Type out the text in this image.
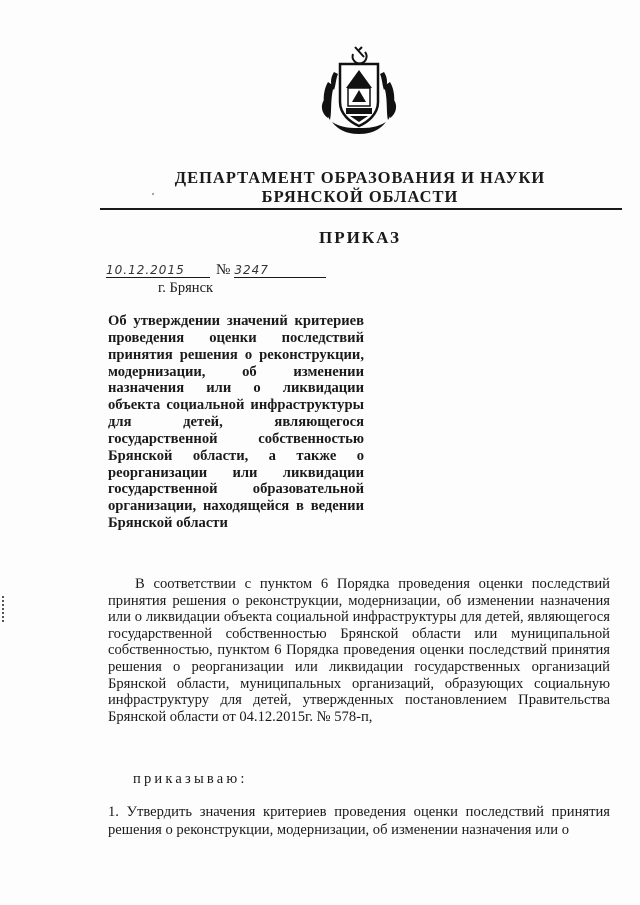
ДЕПАРТАМЕНТ ОБРАЗОВАНИЯ И НАУКИ
БРЯНСКОЙ ОБЛАСТИ
ПРИКАЗ
10.12.2015 № 3247
г. Брянск
Об утверждении значений критериев проведения оценки последствий принятия решения о реконструкции, модернизации, об изменении назначения или о ликвидации объекта социальной инфраструктуры для детей, являющегося государственной собственностью Брянской области, а также о реорганизации или ликвидации государственной образовательной организации, находящейся в ведении Брянской области

В соответствии с пунктом 6 Порядка проведения оценки последствий принятия решения о реконструкции, модернизации, об изменении назначения или о ликвидации объекта социальной инфраструктуры для детей, являющегося государственной собственностью Брянской области или муниципальной собственностью, пунктом 6 Порядка проведения оценки последствий принятия решения о реорганизации или ликвидации государственных организаций Брянской области, муниципальных организаций, образующих социальную инфраструктуру для детей, утвержденных постановлением Правительства Брянской области от 04.12.2015г. № 578-п,

приказываю:

1. Утвердить значения критериев проведения оценки последствий принятия решения о реконструкции, модернизации, об изменении назначения или о
